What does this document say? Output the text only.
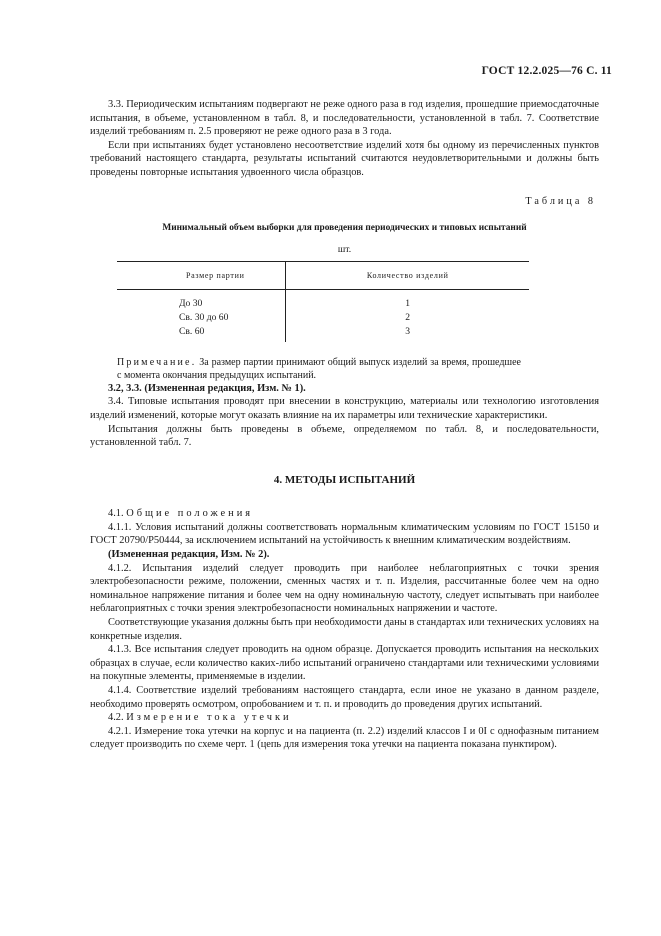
ГОСТ 12.2.025—76 С. 11

3.3. Периодическим испытаниям подвергают не реже одного раза в год изделия, прошедшие приемосдаточные испытания, в объеме, установленном в табл. 8, и последовательности, установленной в табл. 7. Соответствие изделий требованиям п. 2.5 проверяют не реже одного раза в 3 года.

Если при испытаниях будет установлено несоответствие изделий хотя бы одному из перечисленных пунктов требований настоящего стандарта, результаты испытаний считаются неудовлетворительными и должны быть проведены повторные испытания удвоенного числа образцов.

Таблица 8
Минимальный объем выборки для проведения периодических и типовых испытаний
шт.
Размер партии	Количество изделий
До 30	1
Св. 30 до 60	2
Св. 60	3
Примечание. За размер партии принимают общий выпуск изделий за время, прошедшее с момента окончания предыдущих испытаний.

3.2, 3.3. (Измененная редакция, Изм. № 1).

3.4. Типовые испытания проводят при внесении в конструкцию, материалы или технологию изготовления изделий изменений, которые могут оказать влияние на их параметры или технические характеристики.

Испытания должны быть проведены в объеме, определяемом по табл. 8, и последовательности, установленной табл. 7.

4. МЕТОДЫ ИСПЫТАНИЙ

4.1. Общие положения

4.1.1. Условия испытаний должны соответствовать нормальным климатическим условиям по ГОСТ 15150 и ГОСТ 20790/Р50444, за исключением испытаний на устойчивость к внешним климатическим воздействиям.

(Измененная редакция, Изм. № 2).

4.1.2. Испытания изделий следует проводить при наиболее неблагоприятных с точки зрения электробезопасности режиме, положении, сменных частях и т. п. Изделия, рассчитанные более чем на одно номинальное напряжение питания и более чем на одну номинальную частоту, следует испытывать при наиболее неблагоприятных с точки зрения электробезопасности номинальных напряжении и частоте.

Соответствующие указания должны быть при необходимости даны в стандартах или технических условиях на конкретные изделия.

4.1.3. Все испытания следует проводить на одном образце. Допускается проводить испытания на нескольких образцах в случае, если количество каких-либо испытаний ограничено стандартами или техническими условиями на покупные элементы, применяемые в изделии.

4.1.4. Соответствие изделий требованиям настоящего стандарта, если иное не указано в данном разделе, необходимо проверять осмотром, опробованием и т. п. и проводить до проведения других испытаний.

4.2. Измерение тока утечки

4.2.1. Измерение тока утечки на корпус и на пациента (п. 2.2) изделий классов I и 0I с однофазным питанием следует производить по схеме черт. 1 (цепь для измерения тока утечки на пациента показана пунктиром).
